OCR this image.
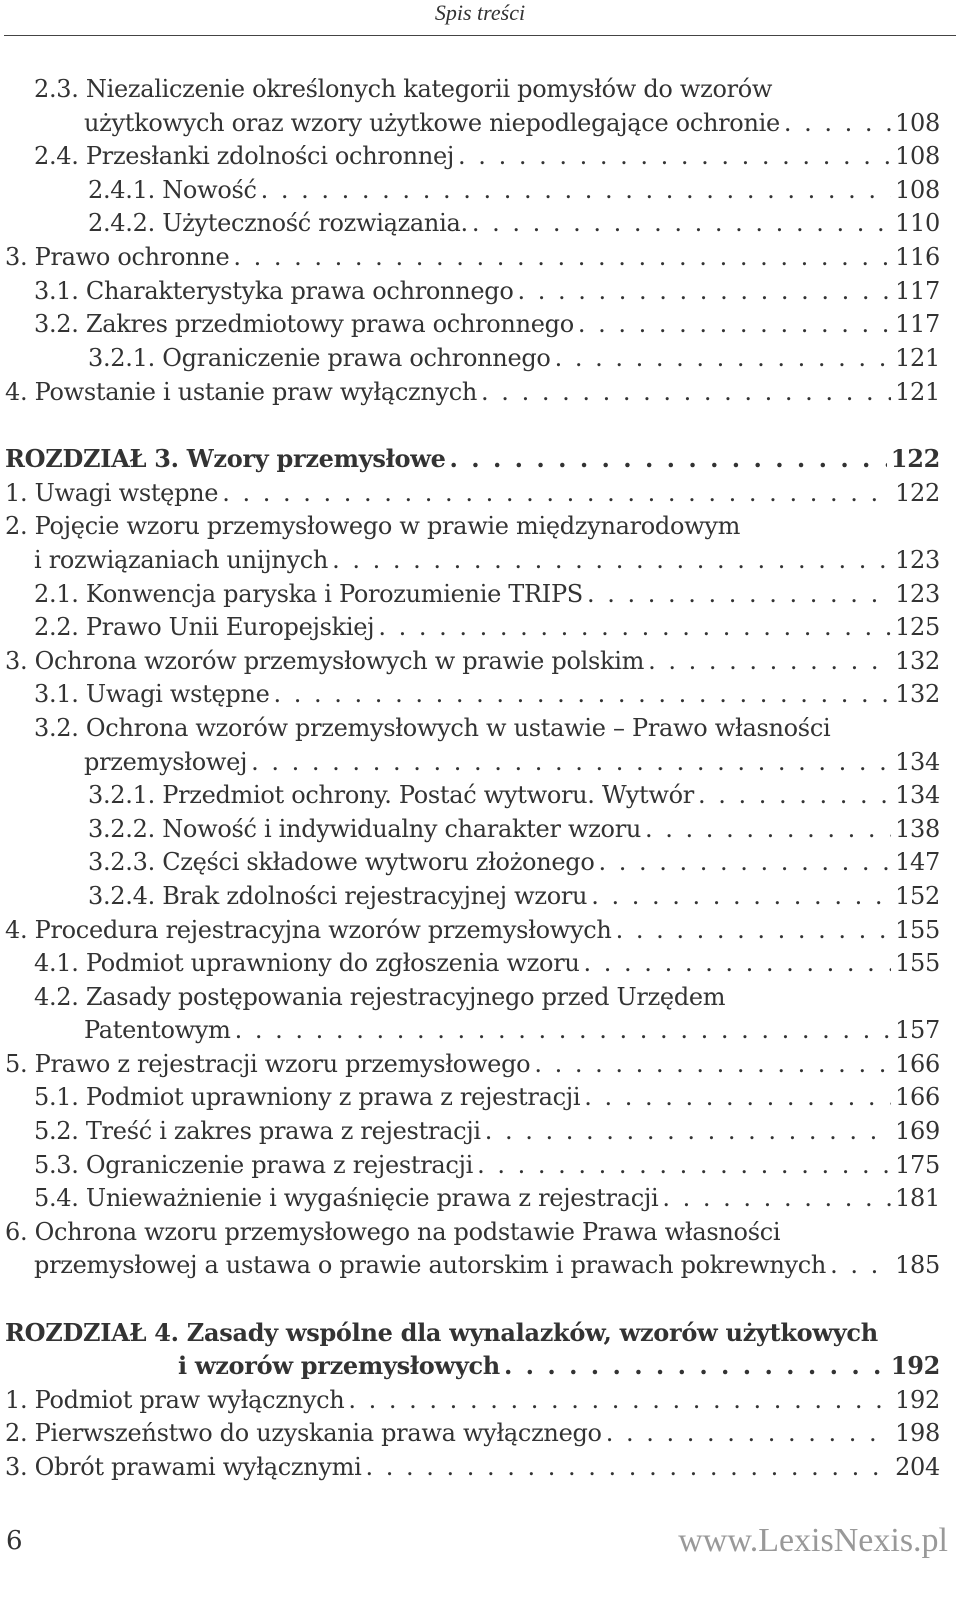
Spis treści
2.3. Niezaliczenie określonych kategorii pomysłów do wzorów
użytkowych oraz wzory użytkowe niepodlegające ochronie . . .	108
2.4. Przesłanki zdolności ochronnej . . .	108
2.4.1. Nowość . . .	108
2.4.2. Użyteczność rozwiązania. . . .	110
3. Prawo ochronne . . .	116
3.1. Charakterystyka prawa ochronnego . . .	117
3.2. Zakres przedmiotowy prawa ochronnego . . .	117
3.2.1. Ograniczenie prawa ochronnego . . .	121
4. Powstanie i ustanie praw wyłącznych . . .	121
ROZDZIAŁ 3. Wzory przemysłowe . . .	122
1. Uwagi wstępne . . .	122
2. Pojęcie wzoru przemysłowego w prawie międzynarodowym
i rozwiązaniach unijnych . . .	123
2.1. Konwencja paryska i Porozumienie TRIPS . . .	123
2.2. Prawo Unii Europejskiej . . .	125
3. Ochrona wzorów przemysłowych w prawie polskim . . .	132
3.1. Uwagi wstępne . . .	132
3.2. Ochrona wzorów przemysłowych w ustawie – Prawo własności
przemysłowej . . .	134
3.2.1. Przedmiot ochrony. Postać wytworu. Wytwór . . .	134
3.2.2. Nowość i indywidualny charakter wzoru . . .	138
3.2.3. Części składowe wytworu złożonego . . .	147
3.2.4. Brak zdolności rejestracyjnej wzoru . . .	152
4. Procedura rejestracyjna wzorów przemysłowych . . .	155
4.1. Podmiot uprawniony do zgłoszenia wzoru . . .	155
4.2. Zasady postępowania rejestracyjnego przed Urzędem
Patentowym . . .	157
5. Prawo z rejestracji wzoru przemysłowego . . .	166
5.1. Podmiot uprawniony z prawa z rejestracji . . .	166
5.2. Treść i zakres prawa z rejestracji . . .	169
5.3. Ograniczenie prawa z rejestracji . . .	175
5.4. Unieważnienie i wygaśnięcie prawa z rejestracji . . .	181
6. Ochrona wzoru przemysłowego na podstawie Prawa własności
przemysłowej a ustawa o prawie autorskim i prawach pokrewnych . . .	185
ROZDZIAŁ 4. Zasady wspólne dla wynalazków, wzorów użytkowych
i wzorów przemysłowych . . .	192
1. Podmiot praw wyłącznych . . .	192
2. Pierwszeństwo do uzyskania prawa wyłącznego . . .	198
3. Obrót prawami wyłącznymi . . .	204
6	www.LexisNexis.pl
